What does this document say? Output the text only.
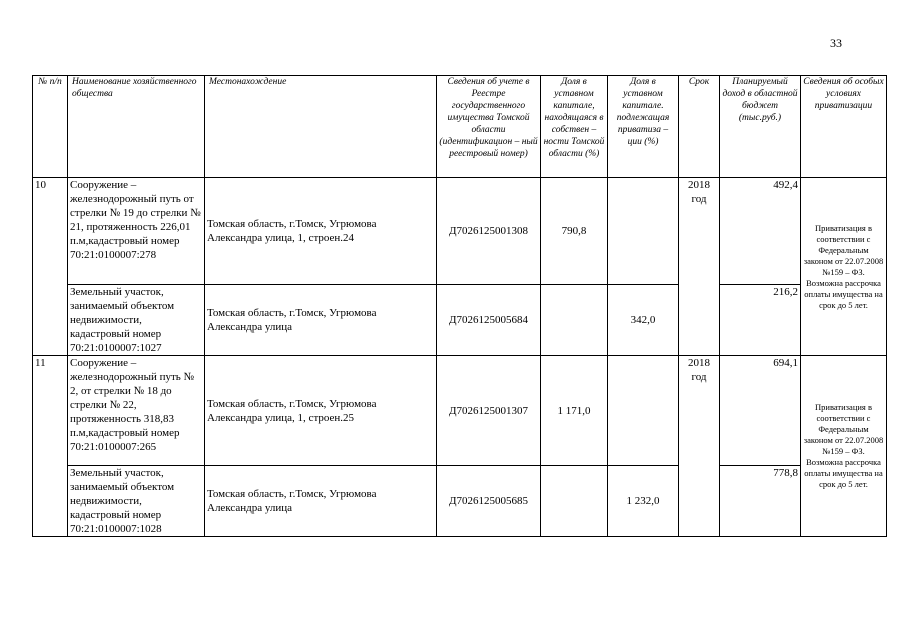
33
№ п/п	Наименование хозяйственного общества	Местонахождение	Сведения об учете в Реестре государственного имущества Томской области (идентификацион – ный реестровый номер)	Доля в уставном капитале, находящаяся в собствен – ности Томской области (%)	Доля в уставном капитале. подлежащая приватиза – ции (%)	Срок	Планируемый доход в областной бюджет (тыс.руб.)	Сведения об особых условиях приватизации
10	Сооружение – железнодорожный путь от стрелки № 19 до стрелки № 21, протяженность 226,01 п.м,кадастровый номер 70:21:0100007:278	Томская область, г.Томск, Угрюмова Александра улица, 1, строен.24	Д7026125001308	790,8		2018 год	492,4	Приватизация в соответствии с Федеральным законом от 22.07.2008 №159 – ФЗ. Возможна рассрочка оплаты имущества на срок до 5 лет.
	Земельный участок, занимаемый объектом недвижимости, кадастровый номер 70:21:0100007:1027	Томская область, г.Томск, Угрюмова Александра улица	Д7026125005684		342,0		216,2	
11	Сооружение – железнодорожный путь № 2, от стрелки № 18 до стрелки № 22, протяженность 318,83 п.м,кадастровый номер 70:21:0100007:265	Томская область, г.Томск, Угрюмова Александра улица, 1, строен.25	Д7026125001307	1 171,0		2018 год	694,1	Приватизация в соответствии с Федеральным законом от 22.07.2008 №159 – ФЗ. Возможна рассрочка оплаты имущества на срок до 5 лет.
	Земельный участок, занимаемый объектом недвижимости, кадастровый номер 70:21:0100007:1028	Томская область, г.Томск, Угрюмова Александра улица	Д7026125005685		1 232,0		778,8	
